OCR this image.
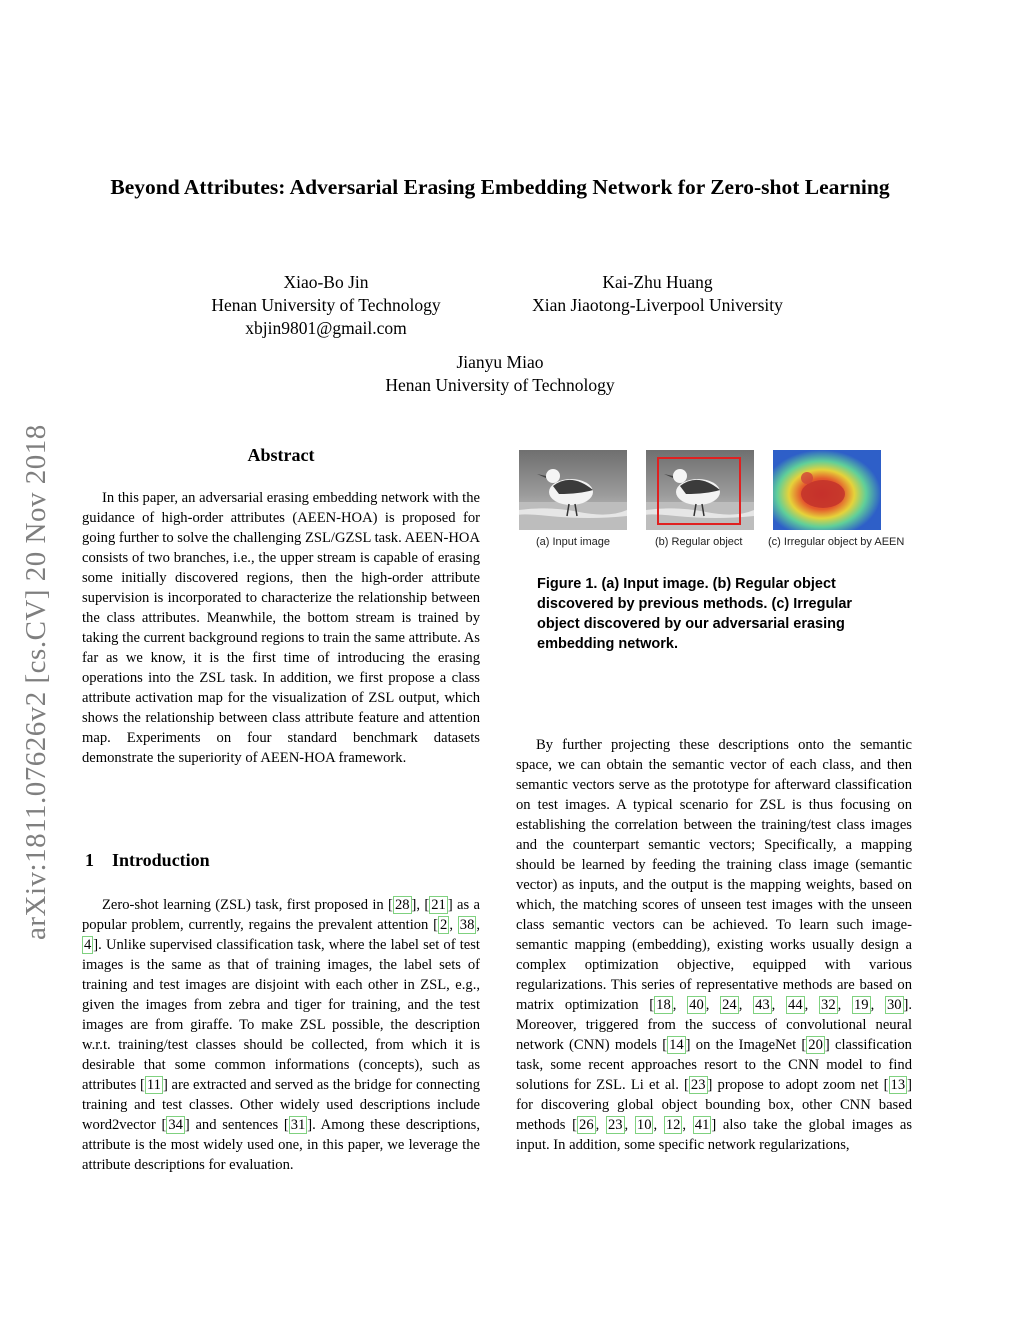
arXiv:1811.07626v2 [cs.CV] 20 Nov 2018
Beyond Attributes: Adversarial Erasing Embedding Network for Zero-shot Learning
Xiao-Bo Jin
Henan University of Technology
xbjin9801@gmail.com
Kai-Zhu Huang
Xian Jiaotong-Liverpool University
Jianyu Miao
Henan University of Technology
Abstract

In this paper, an adversarial erasing embedding network with the guidance of high-order attributes (AEEN-HOA) is proposed for going further to solve the challenging ZSL/GZSL task. AEEN-HOA consists of two branches, i.e., the upper stream is capable of erasing some initially discovered regions, then the high-order attribute supervision is incorporated to characterize the relationship between the class attributes. Meanwhile, the bottom stream is trained by taking the current background regions to train the same attribute. As far as we know, it is the first time of introducing the erasing operations into the ZSL task. In addition, we first propose a class attribute activation map for the visualization of ZSL output, which shows the relationship between class attribute feature and attention map. Experiments on four standard benchmark datasets demonstrate the superiority of AEEN-HOA framework.

1 Introduction

Zero-shot learning (ZSL) task, first proposed in [ 28 ], [ 21 ] as a popular problem, currently, regains the prevalent attention [ 2 , 38 , 4 ]. Unlike supervised classification task, where the label set of test images is the same as that of training images, the label sets of training and test images are disjoint with each other in ZSL, e.g., given the images from zebra and tiger for training, and the test images are from giraffe. To make ZSL possible, the description w.r.t. training/test classes should be collected, from which it is desirable that some common informations (concepts), such as attributes [ 11 ] are extracted and served as the bridge for connecting training and test classes. Other widely used descriptions include word2vector [ 34 ] and sentences [ 31 ]. Among these descriptions, attribute is the most widely used one, in this paper, we leverage the attribute descriptions for evaluation.

(a) Input image	(b) Regular object (c) Irregular object by AEEN
Figure 1. (a) Input image. (b) Regular object discovered by previous methods. (c) Irregular object discovered by our adversarial erasing embedding network.

By further projecting these descriptions onto the semantic space, we can obtain the semantic vector of each class, and then semantic vectors serve as the prototype for afterward classification on test images. A typical scenario for ZSL is thus focusing on establishing the correlation between the training/test class images and the counterpart semantic vectors; Specifically, a mapping should be learned by feeding the training class image (semantic vector) as inputs, and the output is the mapping weights, based on which, the matching scores of unseen test images with the unseen class semantic vectors can be achieved. To learn such image-semantic mapping (embedding), existing works usually design a complex optimization objective, equipped with various regularizations. This series of representative methods are based on matrix optimization [ 18 , 40 , 24 , 43 , 44 , 32 , 19 , 30 ]. Moreover, triggered from the success of convolutional neural network (CNN) models [ 14 ] on the ImageNet [ 20 ] classification task, some recent approaches resort to the CNN model to find solutions for ZSL. Li et al. [ 23 ] propose to adopt zoom net [ 13 ] for discovering global object bounding box, other CNN based methods [ 26 , 23 , 10 , 12 , 41 ] also take the global images as input. In addition, some specific network regularizations,
